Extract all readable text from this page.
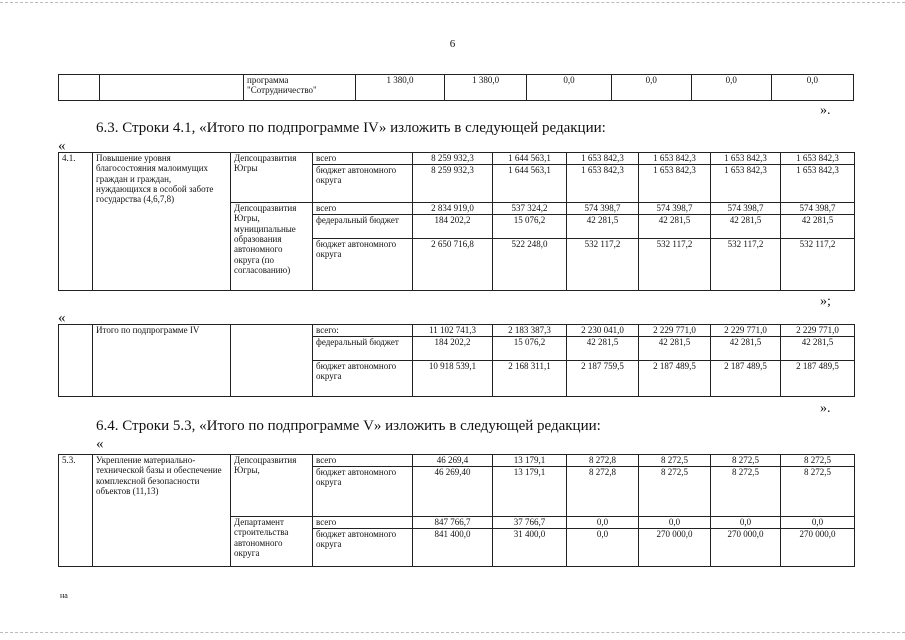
6
			программа "Сотрудничество"	1 380,0	1 380,0	0,0	0,0	0,0	0,0
».
6.3. Строки 4.1, «Итого по подпрограмме IV» изложить в следующей редакции:
«
4.1.	Повышение уровня благосостояния малоимущих граждан и граждан, нуждающихся в особой заботе государства (4,6,7,8)	Депсоцразвития Югры	всего	8 259 932,3	1 644 563,1	1 653 842,3	1 653 842,3	1 653 842,3	1 653 842,3
			бюджет автономного округа	8 259 932,3	1 644 563,1	1 653 842,3	1 653 842,3	1 653 842,3	1 653 842,3
		Депсоцразвития Югры, муниципальные образования автономного округа (по согласованию)	всего	2 834 919,0	537 324,2	574 398,7	574 398,7	574 398,7	574 398,7
			федеральный бюджет	184 202,2	15 076,2	42 281,5	42 281,5	42 281,5	42 281,5
			бюджет автономного округа	2 650 716,8	522 248,0	532 117,2	532 117,2	532 117,2	532 117,2
»;
«
	Итого по подпрограмме IV		всего:	11 102 741,3	2 183 387,3	2 230 041,0	2 229 771,0	2 229 771,0	2 229 771,0
			федеральный бюджет	184 202,2	15 076,2	42 281,5	42 281,5	42 281,5	42 281,5
			бюджет автономного округа	10 918 539,1	2 168 311,1	2 187 759,5	2 187 489,5	2 187 489,5	2 187 489,5
».
6.4. Строки 5.3, «Итого по подпрограмме V» изложить в следующей редакции:
«
5.3.	Укрепление материально-технической базы и обеспечение комплексной безопасности объектов (11,13)	Депсоцразвития Югры,	всего	46 269,4	13 179,1	8 272,8	8 272,5	8 272,5	8 272,5
			бюджет автономного округа	46 269,40	13 179,1	8 272,8	8 272,5	8 272,5	8 272,5
		Департамент строительства автономного округа	всего	847 766,7	37 766,7	0,0	0,0	0,0	0,0
			бюджет автономного округа	841 400,0	31 400,0	0,0	270 000,0	270 000,0	270 000,0
на
